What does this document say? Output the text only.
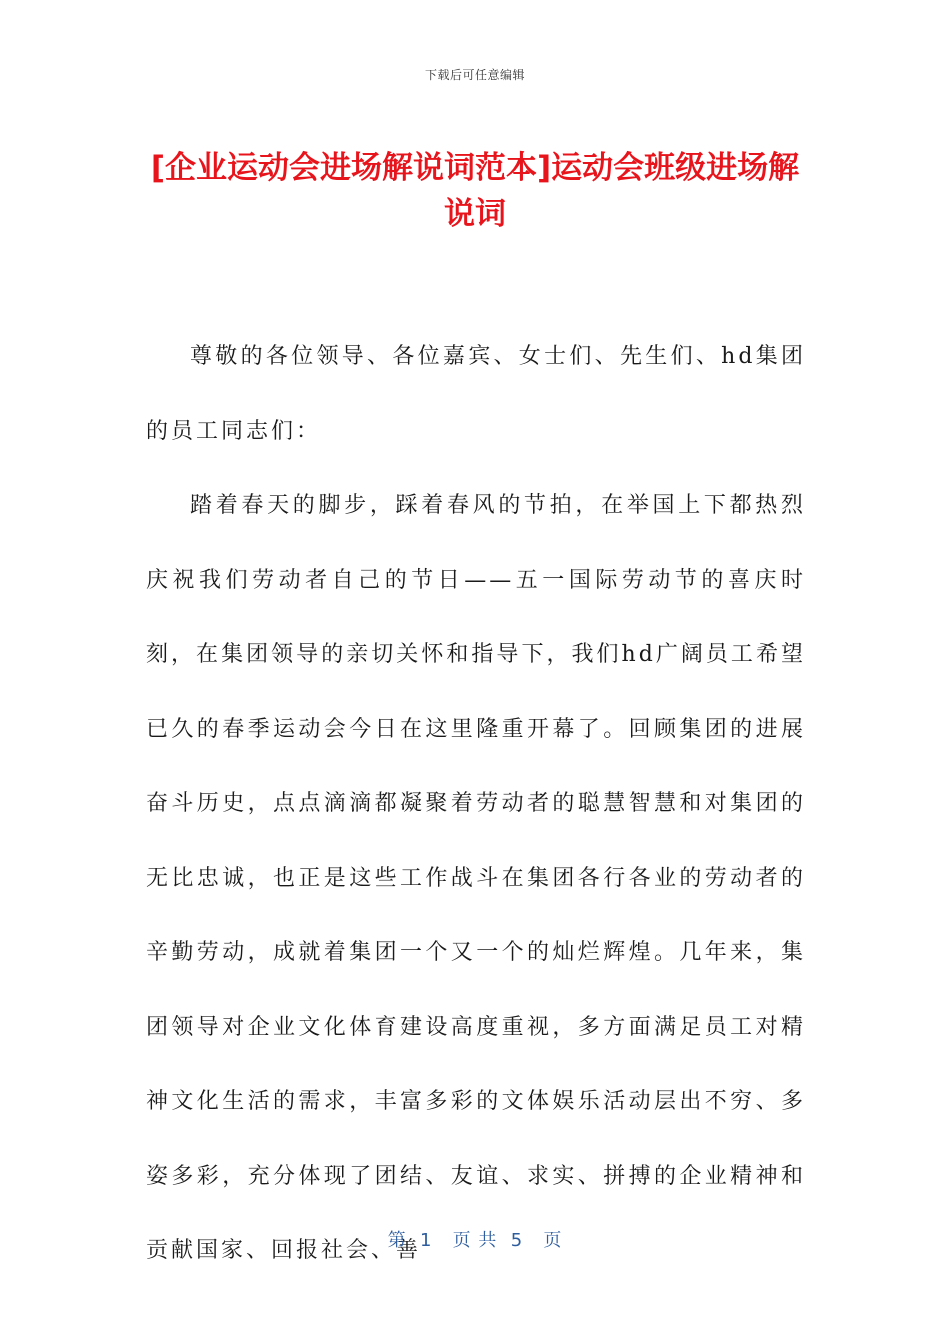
下载后可任意编辑
[企业运动会进场解说词范本]运动会班级进场解说词

尊敬的各位领导、各位嘉宾、女士们、先生们、hd集团的员工同志们：

踏着春天的脚步，踩着春风的节拍，在举国上下都热烈庆祝我们劳动者自己的节日——五一国际劳动节的喜庆时刻，在集团领导的亲切关怀和指导下，我们hd广阔员工希望已久的春季运动会今日在这里隆重开幕了。回顾集团的进展奋斗历史，点点滴滴都凝聚着劳动者的聪慧智慧和对集团的无比忠诚，也正是这些工作战斗在集团各行各业的劳动者的辛勤劳动，成就着集团一个又一个的灿烂辉煌。几年来，集团领导对企业文化体育建设高度重视，多方面满足员工对精神文化生活的需求，丰富多彩的文体娱乐活动层出不穷、多姿多彩，充分体现了团结、友谊、求实、拼搏的企业精神和贡献国家、回报社会、善

第  1   页 共  5   页
